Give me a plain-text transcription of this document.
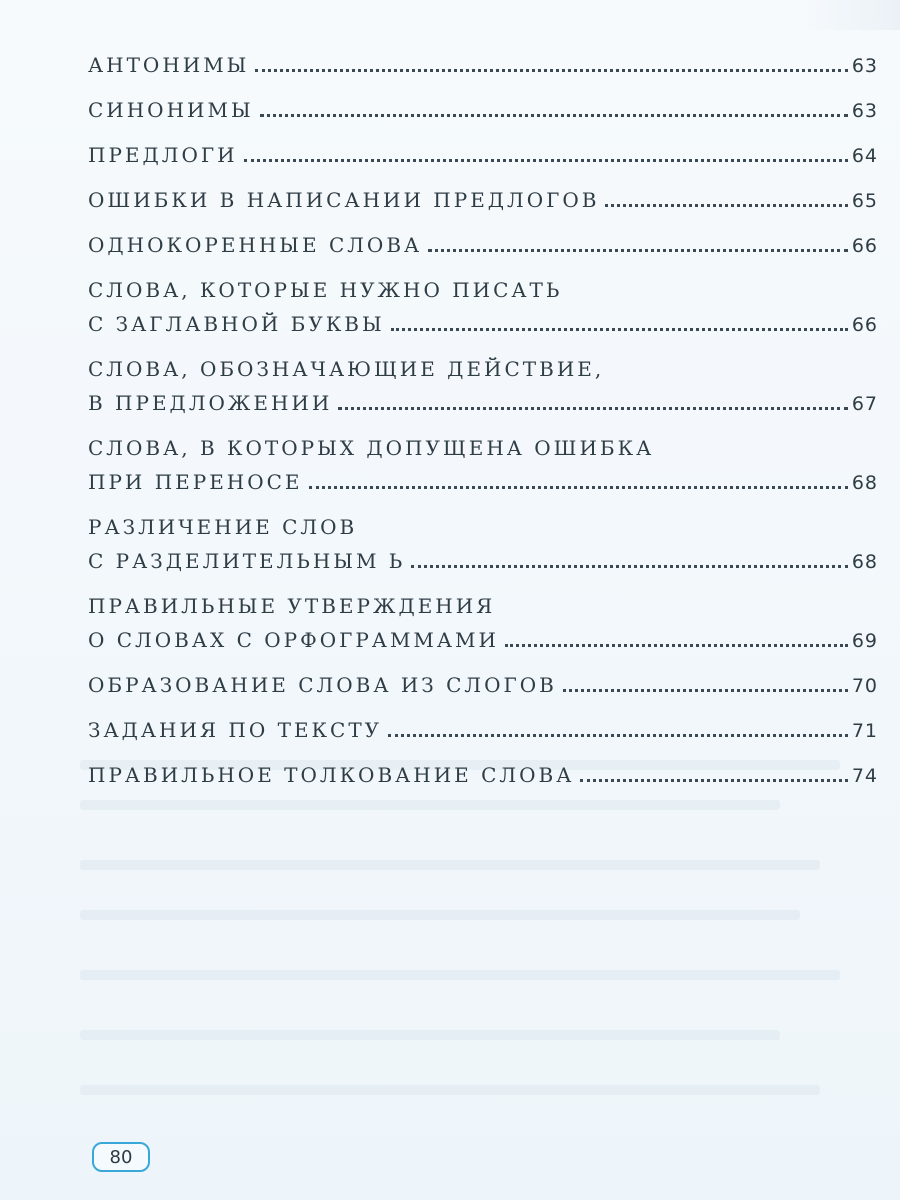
АНТОНИМЫ	63
СИНОНИМЫ	63
ПРЕДЛОГИ	64
ОШИБКИ В НАПИСАНИИ ПРЕДЛОГОВ	65
ОДНОКОРЕННЫЕ СЛОВА	66
СЛОВА, КОТОРЫЕ НУЖНО ПИСАТЬ
С ЗАГЛАВНОЙ БУКВЫ	66
СЛОВА, ОБОЗНАЧАЮЩИЕ ДЕЙСТВИЕ,
В ПРЕДЛОЖЕНИИ	67
СЛОВА, В КОТОРЫХ ДОПУЩЕНА ОШИБКА
ПРИ ПЕРЕНОСЕ	68
РАЗЛИЧЕНИЕ СЛОВ
С РАЗДЕЛИТЕЛЬНЫМ Ь	68
ПРАВИЛЬНЫЕ УТВЕРЖДЕНИЯ
О СЛОВАХ С ОРФОГРАММАМИ	69
ОБРАЗОВАНИЕ СЛОВА ИЗ СЛОГОВ	70
ЗАДАНИЯ ПО ТЕКСТУ	71
ПРАВИЛЬНОЕ ТОЛКОВАНИЕ СЛОВА	74
80
